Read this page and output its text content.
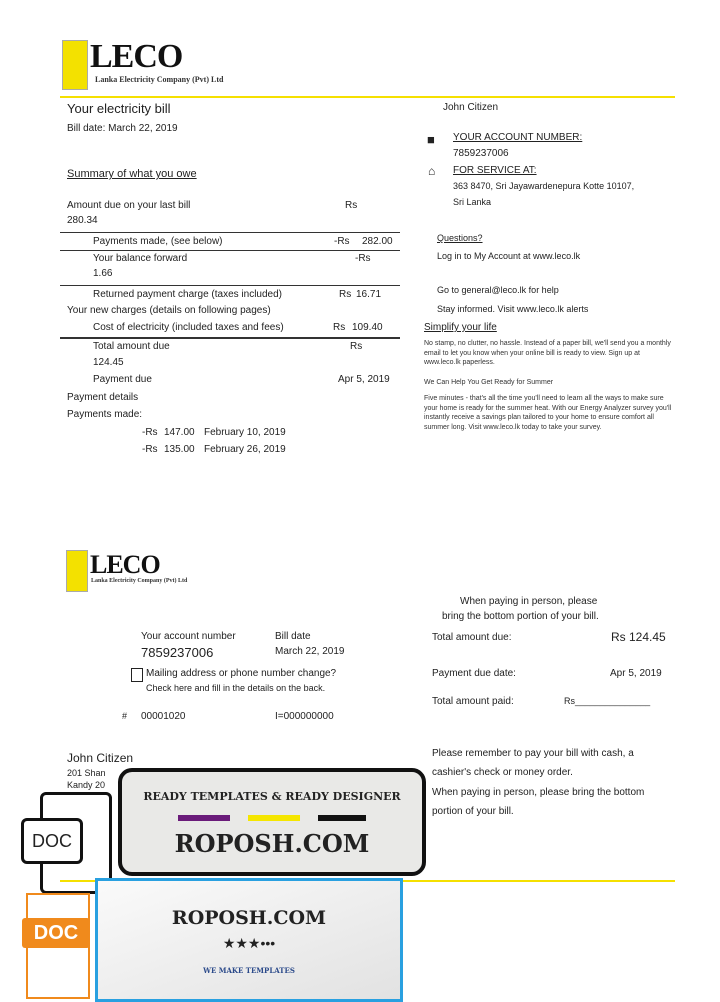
LECO
Lanka Electricity Company (Pvt) Ltd
Your electricity bill
Bill date: March 22, 2019
Summary of what you owe
Amount due on your last bill	Rs
280.34
Payments made, (see below)	-Rs 282.00
Your balance forward	-Rs
1.66
Returned payment charge (taxes included)	Rs 16.71
Your new charges (details on following pages)
Cost of electricity (included taxes and fees)	Rs 109.40
Total amount due	Rs
124.45
Payment due	Apr 5, 2019
Payment details
Payments made:
-Rs 147.00 February 10, 2019
-Rs 135.00 February 26, 2019
John Citizen
■ YOUR ACCOUNT NUMBER:
7859237006
⌂ FOR SERVICE AT:
363 8470, Sri Jayawardenepura Kotte 10107,
Sri Lanka
Questions?
Log in to My Account at www.leco.lk
Go to general@leco.lk for help
Stay informed. Visit www.leco.lk alerts
Simplify your life
No stamp, no clutter, no hassle. Instead of a paper bill, we'll send you a monthly email to let you know when your online bill is ready to view. Sign up at www.leco.lk paperless.
We Can Help You Get Ready for Summer
Five minutes - that's all the time you'll need to learn all the ways to make sure your home is ready for the summer heat. With our Energy Analyzer survey you'll instantly receive a savings plan tailored to your home to ensure comfort all summer long. Visit www.leco.lk today to take your survey.
LECO
Lanka Electricity Company (Pvt) Ltd
When paying in person, please
bring the bottom portion of your bill.
Your account number
7859237006
Bill date
March 22, 2019
Mailing address or phone number change?
Check here and fill in the details on the back.
# 00001020	I=000000000
Total amount due:	Rs 124.45
Payment due date:	Apr 5, 2019
Total amount paid:	Rs_______________
John Citizen	Please remember to pay your bill with cash, a
cashier's check or money order.
When paying in person, please bring the bottom
portion of your bill.
DOC
READY TEMPLATES & READY DESIGNER
ROPOSH.COM
201 Shan
Kandy 20
DOC
ROPOSH.COM
★★★•••
WE MAKE TEMPLATES
